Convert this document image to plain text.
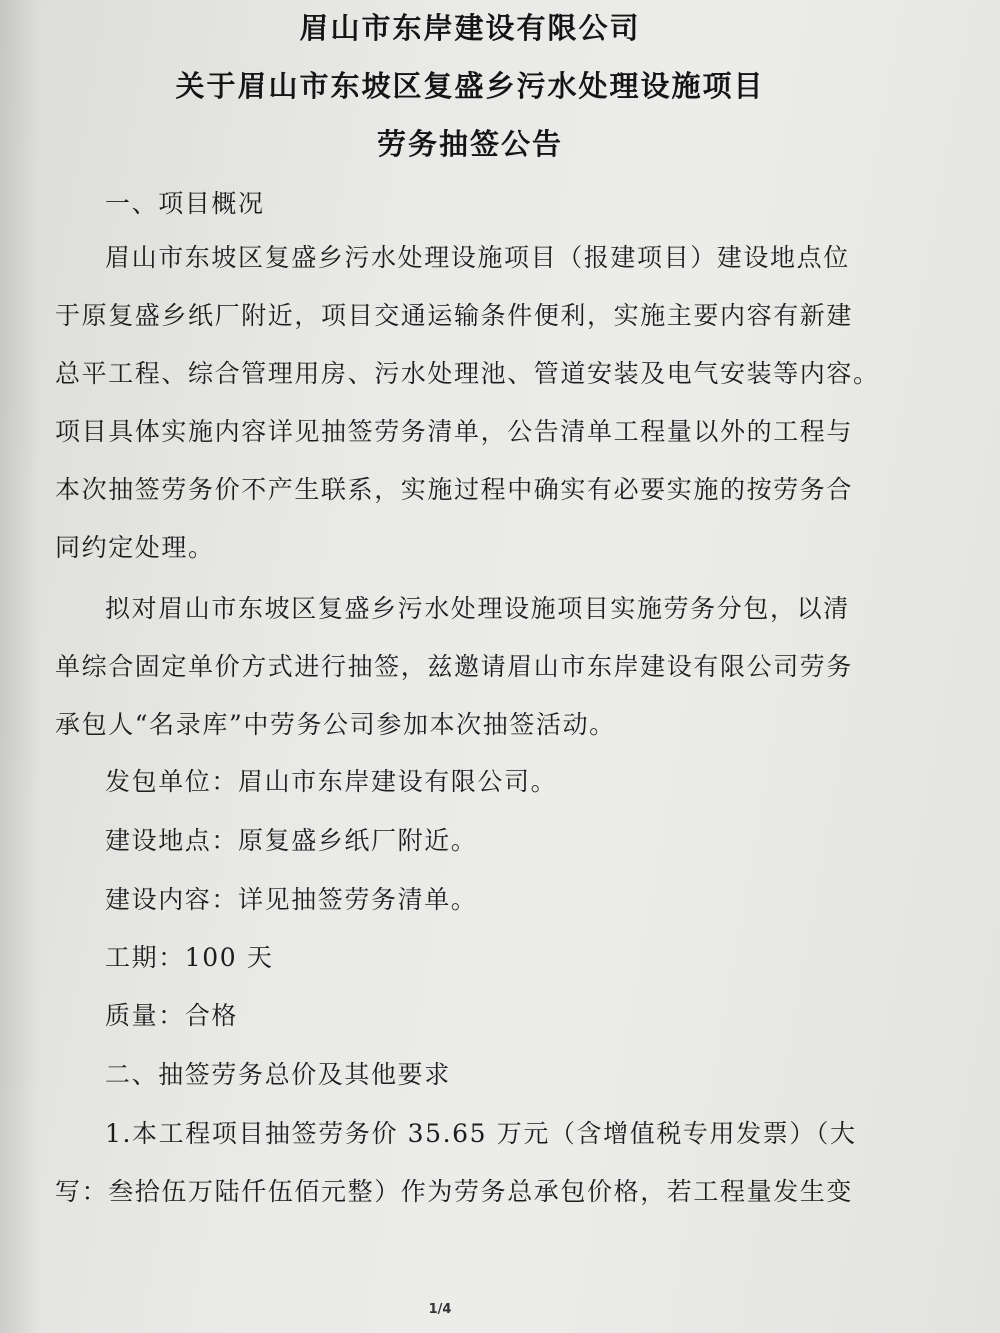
眉山市东岸建设有限公司
关于眉山市东坡区复盛乡污水处理设施项目
劳务抽签公告
一、项目概况
眉山市东坡区复盛乡污水处理设施项目（报建项目）建设地点位
于原复盛乡纸厂附近，项目交通运输条件便利，实施主要内容有新建
总平工程、综合管理用房、污水处理池、管道安装及电气安装等内容。
项目具体实施内容详见抽签劳务清单，公告清单工程量以外的工程与
本次抽签劳务价不产生联系，实施过程中确实有必要实施的按劳务合
同约定处理。
拟对眉山市东坡区复盛乡污水处理设施项目实施劳务分包，以清
单综合固定单价方式进行抽签，兹邀请眉山市东岸建设有限公司劳务
承包人“名录库”中劳务公司参加本次抽签活动。
发包单位：眉山市东岸建设有限公司。
建设地点：原复盛乡纸厂附近。
建设内容：详见抽签劳务清单。
工期：100 天
质量：合格
二、抽签劳务总价及其他要求
1.本工程项目抽签劳务价 35.65 万元（含增值税专用发票）（大
写：叁拾伍万陆仟伍佰元整）作为劳务总承包价格，若工程量发生变
1/4
